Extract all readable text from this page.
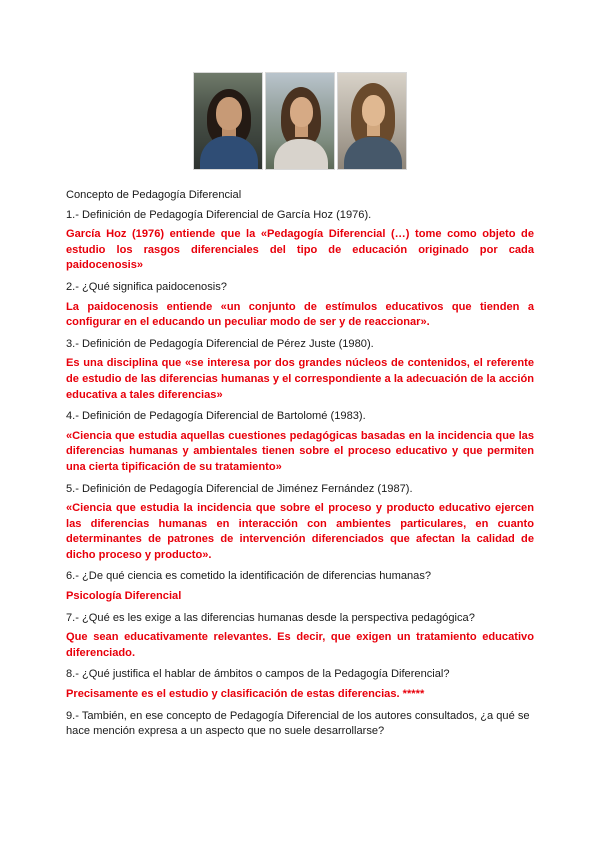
Concepto de Pedagogía Diferencial

1.- Definición de Pedagogía Diferencial de García Hoz (1976).

García Hoz (1976) entiende que la «Pedagogía Diferencial (…) tome como objeto de estudio los rasgos diferenciales del tipo de educación originado por cada paidocenosis»

2.- ¿Qué significa paidocenosis?

La paidocenosis entiende «un conjunto de estímulos educativos que tienden a configurar en el educando un peculiar modo de ser y de reaccionar».

3.- Definición de Pedagogía Diferencial de Pérez Juste (1980).

Es una disciplina que «se interesa por dos grandes núcleos de contenidos, el referente de estudio de las diferencias humanas y el correspondiente a la adecuación de la acción educativa a tales diferencias»

4.- Definición de Pedagogía Diferencial de Bartolomé (1983).

«Ciencia que estudia aquellas cuestiones pedagógicas basadas en la incidencia que las diferencias humanas y ambientales tienen sobre el proceso educativo y que permiten una cierta tipificación de su tratamiento»

5.- Definición de Pedagogía Diferencial de Jiménez Fernández (1987).

«Ciencia que estudia la incidencia que sobre el proceso y producto educativo ejercen las diferencias humanas en interacción con ambientes particulares, en cuanto determinantes de patrones de intervención diferenciados que afectan la calidad de dicho proceso y producto».

6.- ¿De qué ciencia es cometido la identificación de diferencias humanas?

Psicología Diferencial

7.- ¿Qué es les exige a las diferencias humanas desde la perspectiva pedagógica?

Que sean educativamente relevantes. Es decir, que exigen un tratamiento educativo diferenciado.

8.- ¿Qué justifica el hablar de ámbitos o campos de la Pedagogía Diferencial?

Precisamente es el estudio y clasificación de estas diferencias. *****

9.- También, en ese concepto de Pedagogía Diferencial de los autores consultados, ¿a qué se hace mención expresa a un aspecto que no suele desarrollarse?
